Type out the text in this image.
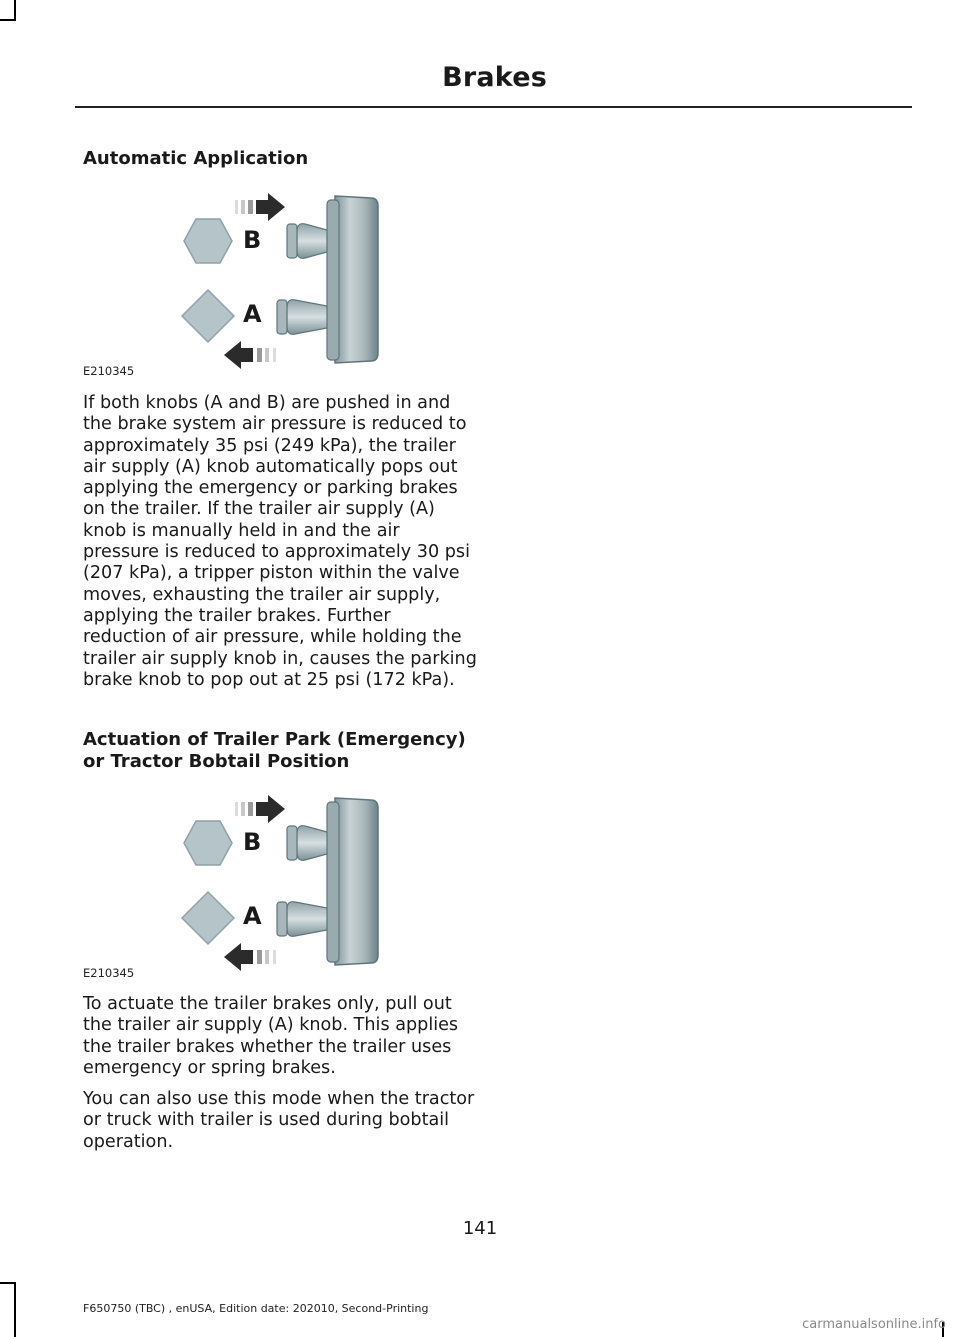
Brakes
Automatic Application
B
A
E210345

If both knobs (A and B) are pushed in and the brake system air pressure is reduced to approximately 35 psi (249 kPa), the trailer air supply (A) knob automatically pops out applying the emergency or parking brakes on the trailer. If the trailer air supply (A) knob is manually held in and the air pressure is reduced to approximately 30 psi (207 kPa), a tripper piston within the valve moves, exhausting the trailer air supply, applying the trailer brakes. Further reduction of air pressure, while holding the trailer air supply knob in, causes the parking brake knob to pop out at 25 psi (172 kPa).

Actuation of Trailer Park (Emergency) or Tractor Bobtail Position
B
A
E210345

To actuate the trailer brakes only, pull out the trailer air supply (A) knob. This applies the trailer brakes whether the trailer uses emergency or spring brakes.

You can also use this mode when the tractor or truck with trailer is used during bobtail operation.

141
F650750 (TBC) , enUSA, Edition date: 202010, Second-Printing
carmanualsonline.info
